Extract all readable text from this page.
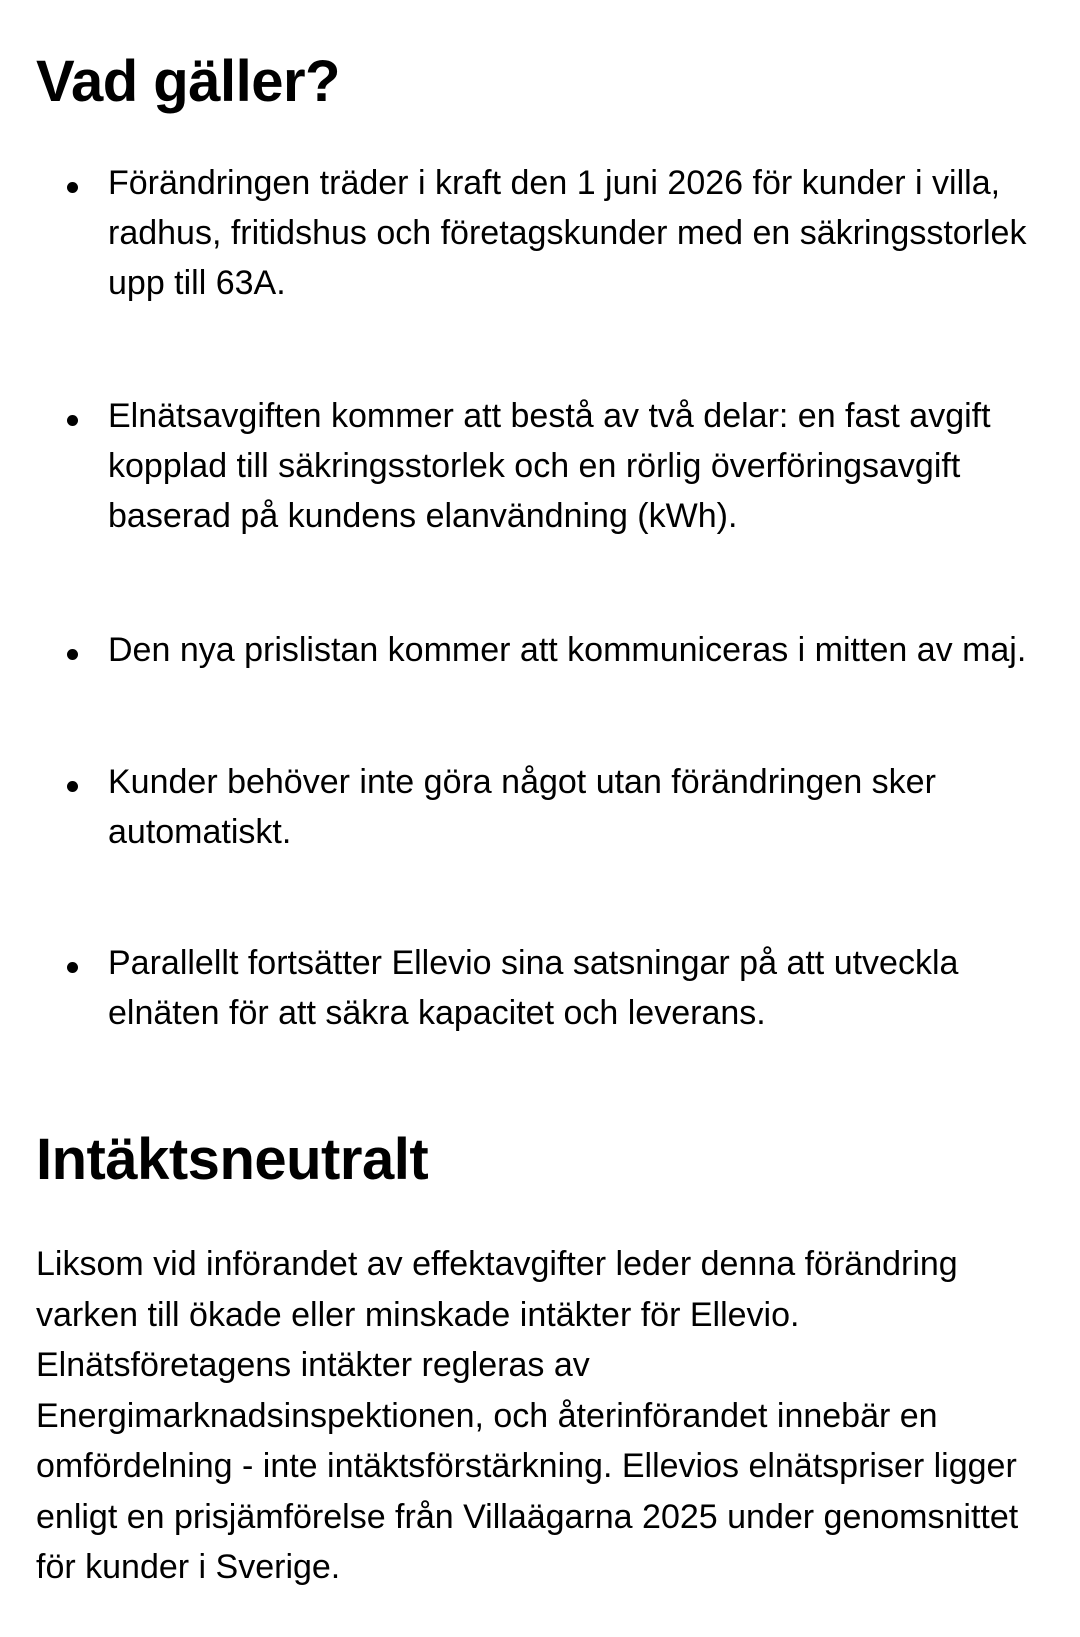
Vad gäller?
Förändringen träder i kraft den 1 juni 2026 för kunder i villa, radhus, fritidshus och företagskunder med en säkringsstorlek upp till 63A.
Elnätsavgiften kommer att bestå av två delar: en fast avgift kopplad till säkringsstorlek och en rörlig överföringsavgift baserad på kundens elanvändning (kWh).
Den nya prislistan kommer att kommuniceras i mitten av maj.
Kunder behöver inte göra något utan förändringen sker automatiskt.
Parallellt fortsätter Ellevio sina satsningar på att utveckla elnäten för att säkra kapacitet och leverans.
Intäktsneutralt

Liksom vid införandet av effektavgifter leder denna förändring varken till ökade eller minskade intäkter för Ellevio. Elnätsföretagens intäkter regleras av Energimarknadsinspektionen, och återinförandet innebär en omfördelning - inte intäktsförstärkning. Ellevios elnätspriser ligger enligt en prisjämförelse från Villaägarna 2025 under genomsnittet för kunder i Sverige.
